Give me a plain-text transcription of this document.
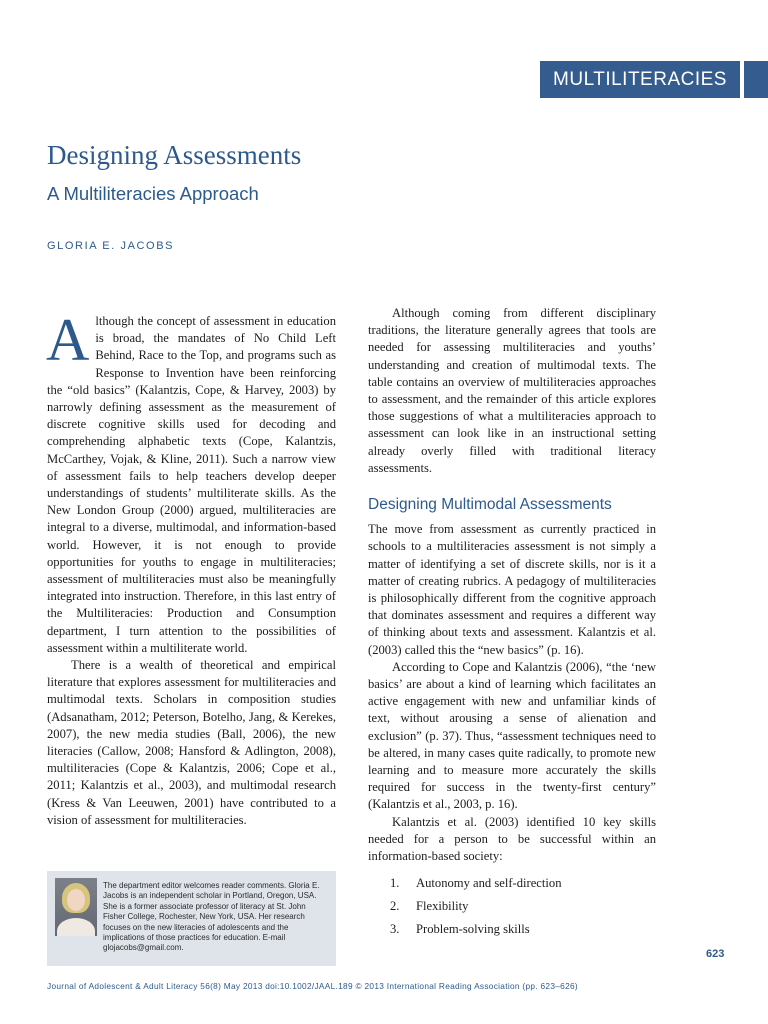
MULTILITERACIES
Designing Assessments
A Multiliteracies Approach
GLORIA E. JACOBS
A lthough the concept of assessment in education is broad, the mandates of No Child Left Behind, Race to the Top, and programs such as Response to Invention have been reinforcing the “old basics” (Kalantzis, Cope, & Harvey, 2003) by narrowly defining assessment as the measurement of discrete cognitive skills used for decoding and comprehending alphabetic texts (Cope, Kalantzis, McCarthey, Vojak, & Kline, 2011). Such a narrow view of assessment fails to help teachers develop deeper understandings of students’ multiliterate skills. As the New London Group (2000) argued, multiliteracies are integral to a diverse, multimodal, and information-based world. However, it is not enough to provide opportunities for youths to engage in multiliteracies; assessment of multiliteracies must also be meaningfully integrated into instruction. Therefore, in this last entry of the Multiliteracies: Production and Consumption department, I turn attention to the possibilities of assessment within a multiliterate world.

There is a wealth of theoretical and empirical literature that explores assessment for multiliteracies and multimodal texts. Scholars in composition studies (Adsanatham, 2012; Peterson, Botelho, Jang, & Kerekes, 2007), the new media studies (Ball, 2006), the new literacies (Callow, 2008; Hansford & Adlington, 2008), multiliteracies (Cope & Kalantzis, 2006; Cope et al., 2011; Kalantzis et al., 2003), and multimodal research (Kress & Van Leeuwen, 2001) have contributed to a vision of assessment for multiliteracies.

Although coming from different disciplinary traditions, the literature generally agrees that tools are needed for assessing multiliteracies and youths’ understanding and creation of multimodal texts. The table contains an overview of multiliteracies approaches to assessment, and the remainder of this article explores those suggestions of what a multiliteracies approach to assessment can look like in an instructional setting already overly filled with traditional literacy assessments.

Designing Multimodal Assessments

The move from assessment as currently practiced in schools to a multiliteracies assessment is not simply a matter of identifying a set of discrete skills, nor is it a matter of creating rubrics. A pedagogy of multiliteracies is philosophically different from the cognitive approach that dominates assessment and requires a different way of thinking about texts and assessment. Kalantzis et al. (2003) called this the “new basics” (p. 16).

According to Cope and Kalantzis (2006), “the ‘new basics’ are about a kind of learning which facilitates an active engagement with new and unfamiliar kinds of text, without arousing a sense of alienation and exclusion” (p. 37). Thus, “assessment techniques need to be altered, in many cases quite radically, to promote new learning and to measure more accurately the skills required for success in the twenty-first century” (Kalantzis et al., 2003, p. 16).

Kalantzis et al. (2003) identified 10 key skills needed for a person to be successful within an information-based society:

1.	Autonomy and self-direction
2.	Flexibility
3.	Problem-solving skills

The department editor welcomes reader comments. Gloria E. Jacobs is an independent scholar in Portland, Oregon, USA. She is a former associate professor of literacy at St. John Fisher College, Rochester, New York, USA. Her research focuses on the new literacies of adolescents and the implications of those practices for education. E-mail glojacobs@gmail.com.

623
Journal of Adolescent & Adult Literacy 56(8) May 2013 doi:10.1002/JAAL.189 © 2013 International Reading Association (pp. 623–626)
